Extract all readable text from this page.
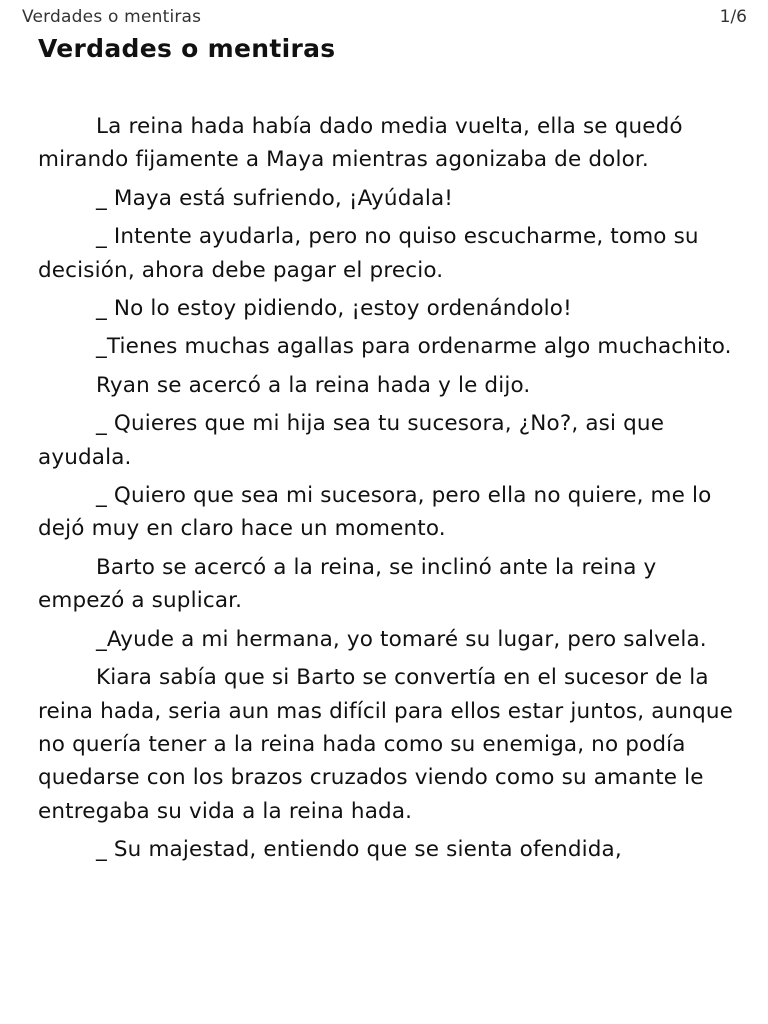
Verdades o mentiras	1/6
Verdades o mentiras

La reina hada había dado media vuelta, ella se quedó mirando fijamente a Maya mientras agonizaba de dolor.

_ Maya está sufriendo, ¡Ayúdala!

_ Intente ayudarla, pero no quiso escucharme, tomo su decisión, ahora debe pagar el precio.

_ No lo estoy pidiendo, ¡estoy ordenándolo!

_Tienes muchas agallas para ordenarme algo muchachito.

Ryan se acercó a la reina hada y le dijo.

_ Quieres que mi hija sea tu sucesora, ¿No?, asi que ayudala.

_ Quiero que sea mi sucesora, pero ella no quiere, me lo dejó muy en claro hace un momento.

Barto se acercó a la reina, se inclinó ante la reina y empezó a suplicar.

_Ayude a mi hermana, yo tomaré su lugar, pero salvela.

Kiara sabía que si Barto se convertía en el sucesor de la reina hada, seria aun mas difícil para ellos estar juntos, aunque no quería tener a la reina hada como su enemiga, no podía quedarse con los brazos cruzados viendo como su amante le entregaba su vida a la reina hada.

_ Su majestad, entiendo que se sienta ofendida,
